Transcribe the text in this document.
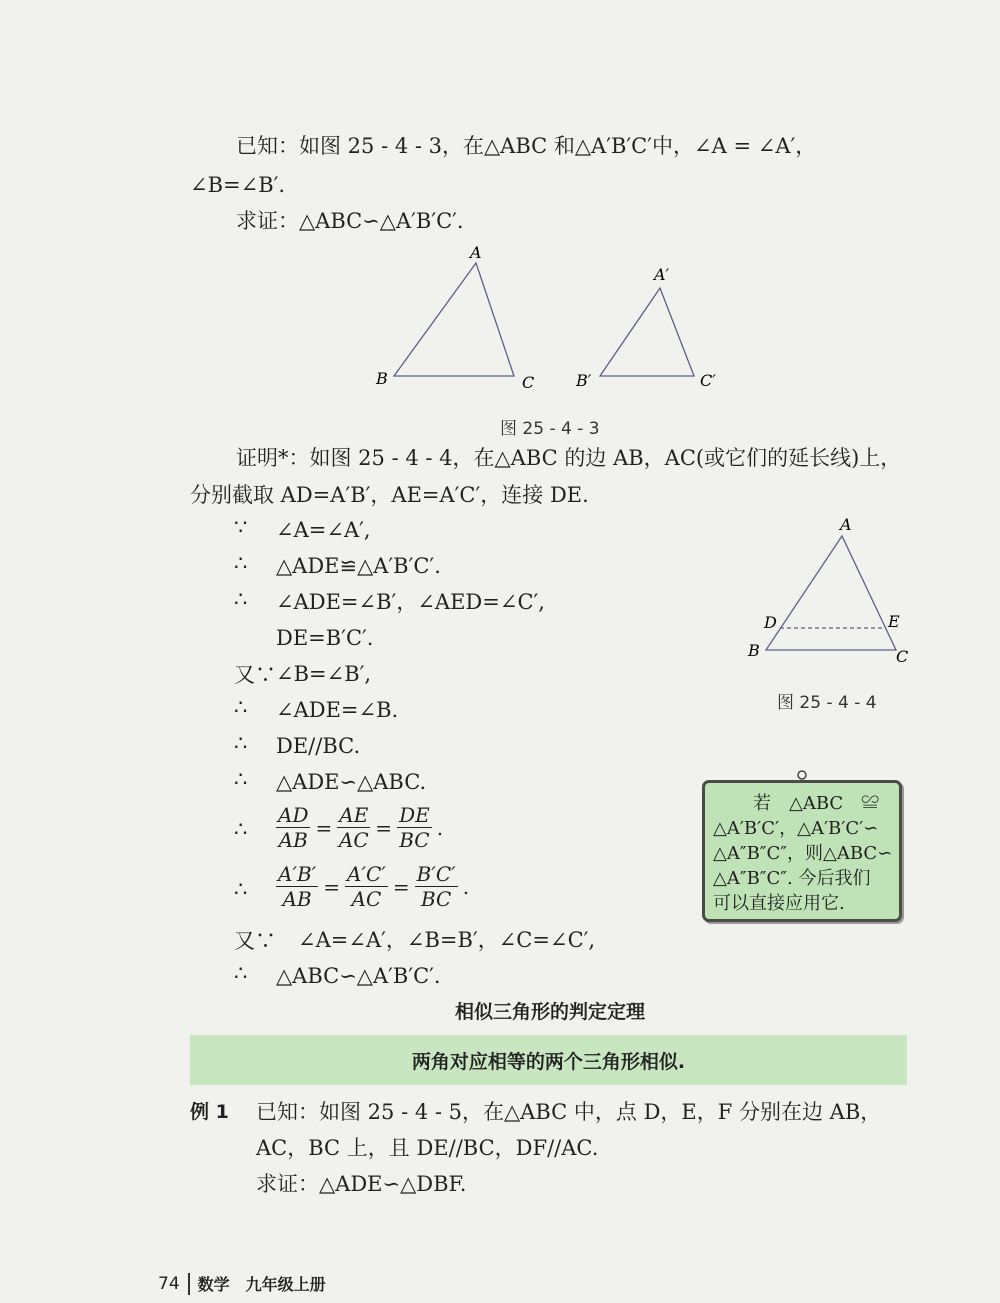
已知：如图 25 - 4 - 3，在△ABC 和△A′B′C′中，∠A = ∠A′，
∠B=∠B′.
求证：△ABC∽△A′B′C′.
A
B	C
A′
B′	C′
图 25 - 4 - 3
证明*：如图 25 - 4 - 4，在△ABC 的边 AB，AC(或它们的延长线)上，
分别截取 AD=A′B′，AE=A′C′，连接 DE.
∵ ∠A=∠A′,
∴ △ADE≌△A′B′C′.
∴ ∠ADE=∠B′，∠AED=∠C′,
DE=B′C′.
又∵ ∠B=∠B′,
∴ ∠ADE=∠B.
∴ DE//BC.
∴ △ADE∽△ABC.
∴ $\frac{AD}{AB} = \frac{AE}{AC} = \frac{DE}{BC}$ .
∴ $\frac{A'B'}{AB} = \frac{A'C'}{AC} = \frac{B'C'}{BC}$ .
又∵ ∠A=∠A′，∠B=B′，∠C=∠C′,
∴ △ABC∽△A′B′C′.
A
B	C
D	E
图 25 - 4 - 4
若　△ABC　≌
△A′B′C′，△A′B′C′∽
△A″B″C″，则△ABC∽
△A″B″C″. 今后我们
可以直接应用它.
相似三角形的判定定理
两角对应相等的两个三角形相似.
例 1 已知：如图 25 - 4 - 5，在△ABC 中，点 D，E，F 分别在边 AB，
AC，BC 上，且 DE//BC，DF//AC.
求证：△ADE∽△DBF.
74 数学　九年级上册
